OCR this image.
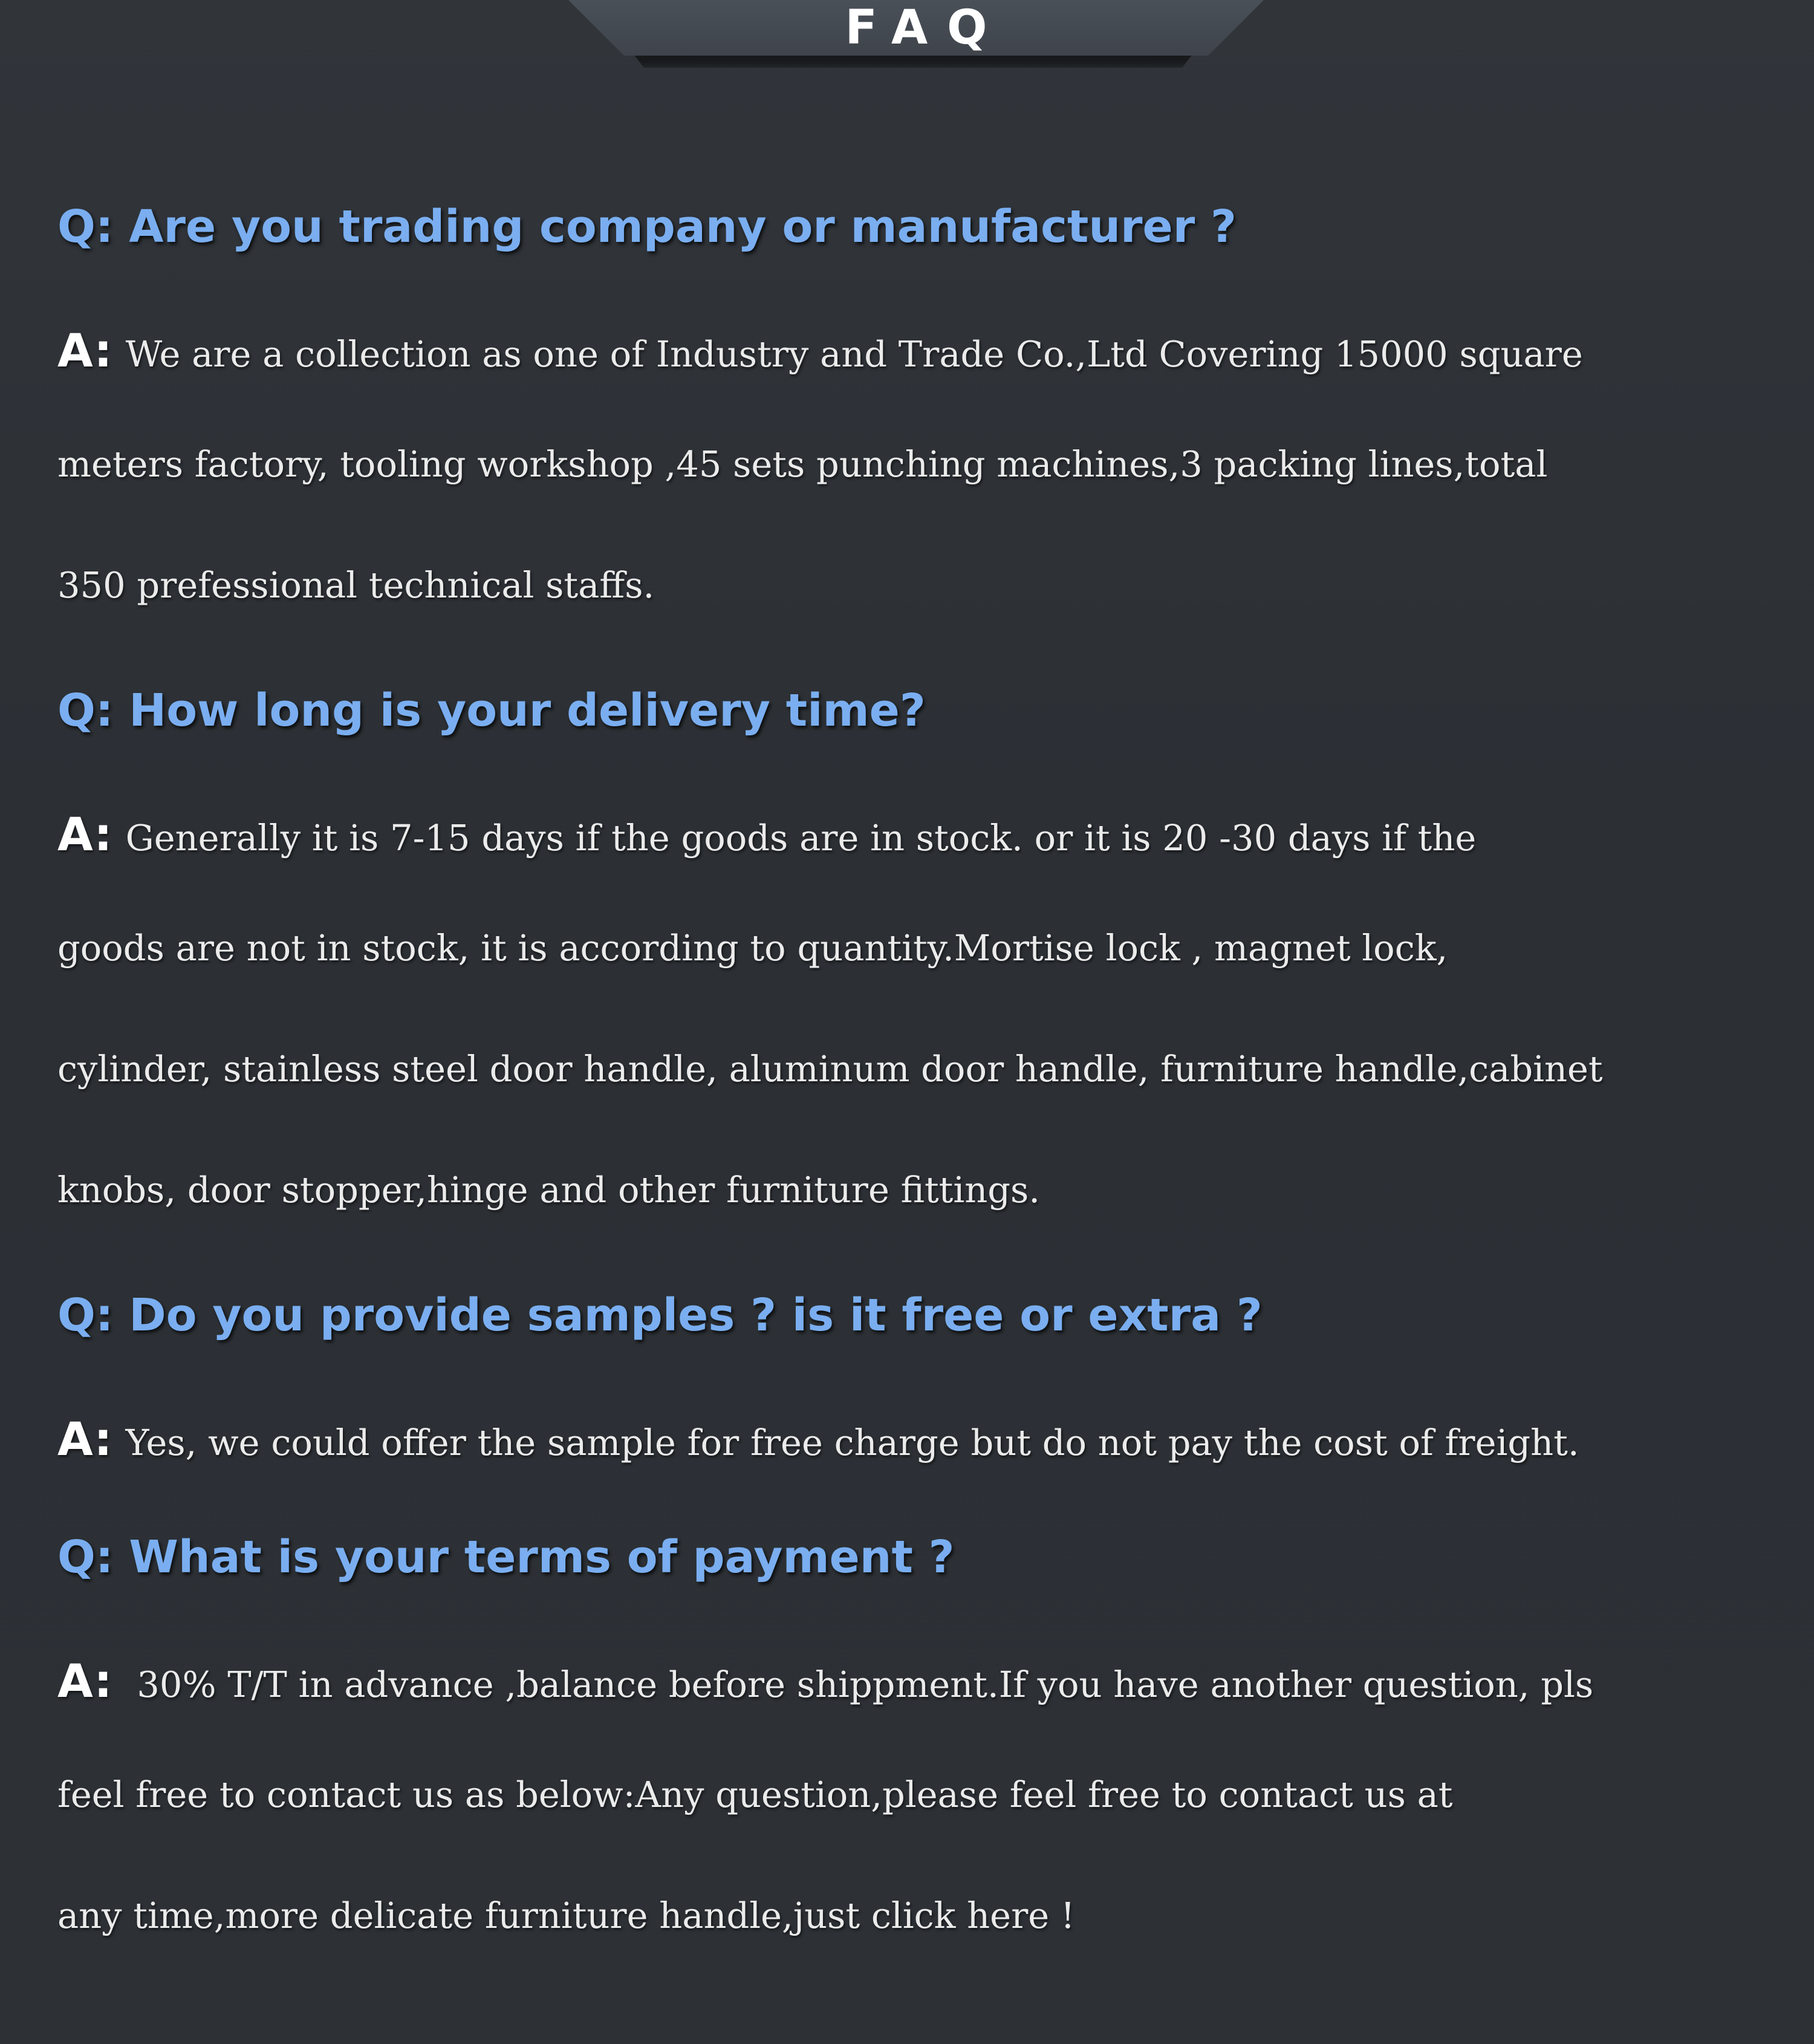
FAQ
Q: Are you trading company or manufacturer ?
A: We are a collection as one of Industry and Trade Co.,Ltd Covering 15000 square
meters factory, tooling workshop ,45 sets punching machines,3 packing lines,total
350 prefessional technical staffs.
Q: How long is your delivery time?
A: Generally it is 7-15 days if the goods are in stock. or it is 20 -30 days if the
goods are not in stock, it is according to quantity.Mortise lock , magnet lock,
cylinder, stainless steel door handle, aluminum door handle, furniture handle,cabinet
knobs, door stopper,hinge and other furniture fittings.
Q: Do you provide samples ? is it free or extra ?
A: Yes, we could offer the sample for free charge but do not pay the cost of freight.
Q: What is your terms of payment ?
A: 30% T/T in advance ,balance before shippment.If you have another question, pls
feel free to contact us as below:Any question,please feel free to contact us at
any time,more delicate furniture handle,just click here !
